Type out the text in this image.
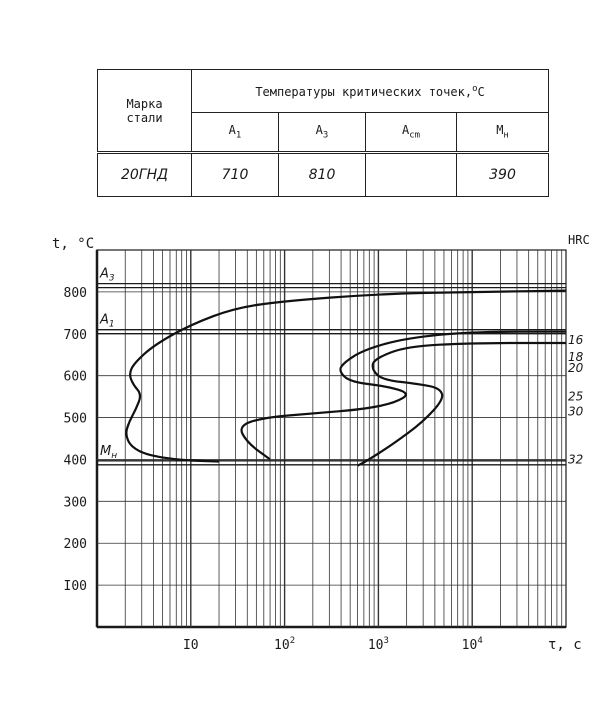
Марка стали	Температуры критических точек,$^o$C			
	$A_1$	$A_3$	$A_{cm}$	$M_н$
20ГНД	710	810		390
$A_3$
$A_1$
$M_н$
I00
200
300
400
500
600
700
800
I0	$10^2$	$10^3$	$10^4$
t, °C
τ, c
HRC
16
18
20
25
30
32
